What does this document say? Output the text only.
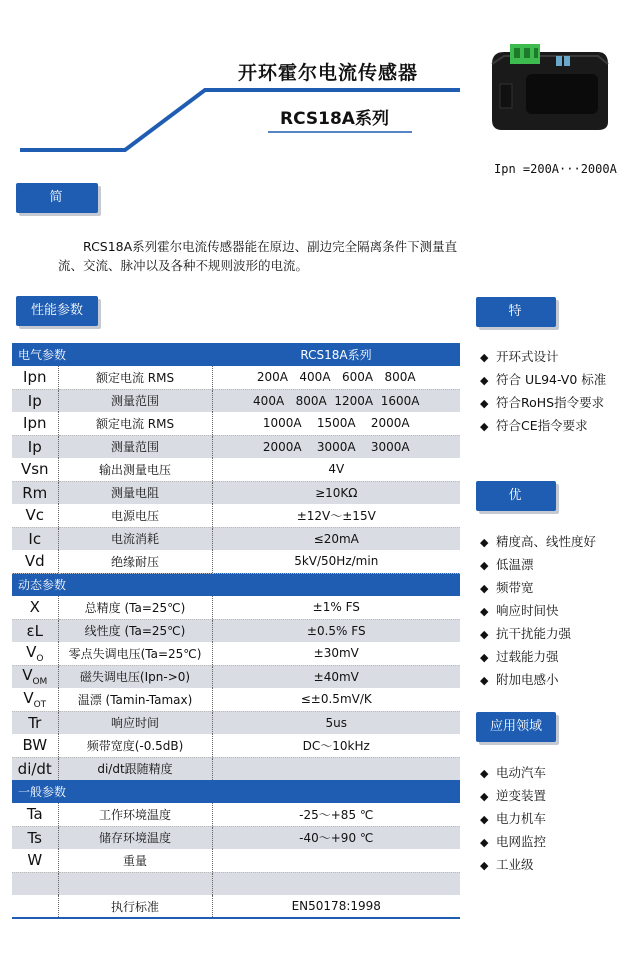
开环霍尔电流传感器
RCS18A系列
Ipn =200A···2000A
简介
RCS18A系列霍尔电流传感器能在原边、副边完全隔离条件下测量直流、交流、脉冲以及各种不规则波形的电流。
性能参数
电气参数		RCS18A系列
Ipn	额定电流 RMS	200A   400A   600A   800A
Ip	测量范围	400A   800A  1200A  1600A
Ipn	额定电流 RMS	1000A    1500A    2000A
Ip	测量范围	2000A    3000A    3000A
Vsn	输出测量电压	4V
Rm	测量电阻	≥10KΩ
Vc	电源电压	±12V～±15V
Ic	电流消耗	≤20mA
Vd	绝缘耐压	5kV/50Hz/min
动态参数		
X	总精度 (Ta=25℃)	±1% FS
εL	线性度 (Ta=25℃)	±0.5% FS
$V_O$	零点失调电压(Ta=25℃)	±30mV
$V_{OM}$	磁失调电压(Ipn->0)	±40mV
$V_{OT}$	温漂 (Tamin-Tamax)	≤±0.5mV/K
Tr	响应时间	5us
BW	频带宽度(-0.5dB)	DC～10kHz
di/dt	di/dt跟随精度	
一般参数		
Ta	工作环境温度	-25～+85 ℃
Ts	储存环境温度	-40～+90 ℃
W	重量	

	执行标准	EN50178:1998
特点
◆ 开环式设计
◆ 符合 UL94-V0 标准
◆ 符合RoHS指令要求
◆ 符合CE指令要求
优势
◆ 精度高、线性度好
◆ 低温漂
◆ 频带宽
◆ 响应时间快
◆ 抗干扰能力强
◆ 过载能力强
◆ 附加电感小
应用领域
◆ 电动汽车
◆ 逆变装置
◆ 电力机车
◆ 电网监控
◆ 工业级
